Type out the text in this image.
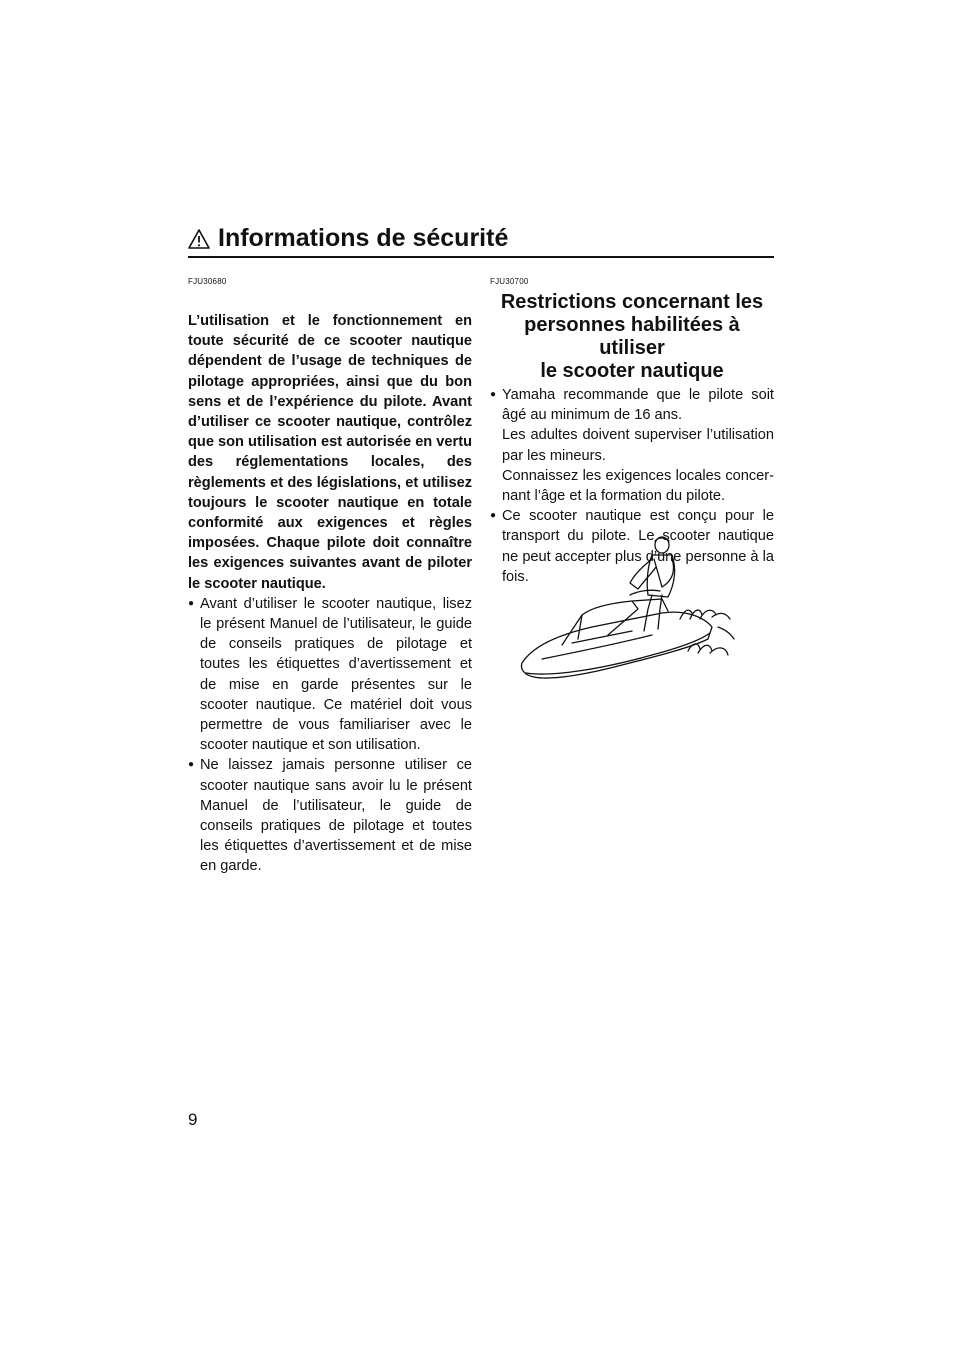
Informations de sécurité
FJU30680

L’utilisation et le fonctionnement en toute sécurité de ce scooter nautique dépendent de l’usage de techniques de pilotage appropriées, ainsi que du bon sens et de l’expérience du pilote. Avant d’utiliser ce scooter nautique, contrôlez que son utilisation est autorisée en vertu des réglementations locales, des règlements et des législations, et utilisez toujours le scooter nautique en totale conformité aux exigences et règles imposées. Chaque pilote doit connaître les exigences suivantes avant de piloter le scooter nautique.

● Avant d’utiliser le scooter nautique, lisez le présent Manuel de l’utilisateur, le guide de conseils pratiques de pilotage et toutes les étiquettes d’avertissement et de mise en garde présentes sur le scooter nautique. Ce matériel doit vous permettre de vous familiariser avec le scooter nautique et son utilisation.
● Ne laissez jamais personne utiliser ce scooter nautique sans avoir lu le présent Manuel de l’utilisateur, le guide de conseils pratiques de pilotage et toutes les étiquettes d’avertissement et de mise en garde.
FJU30700
Restrictions concernant les
personnes habilitées à utiliser
le scooter nautique
● Yamaha recommande que le pilote soit âgé au minimum de 16 ans.

Les adultes doivent superviser l’utilisation par les mineurs.

Connaissez les exigences locales concernant l’âge et la formation du pilote.

● Ce scooter nautique est conçu pour le transport du pilote. Le scooter nautique ne peut accepter plus d’une personne à la fois.
9
